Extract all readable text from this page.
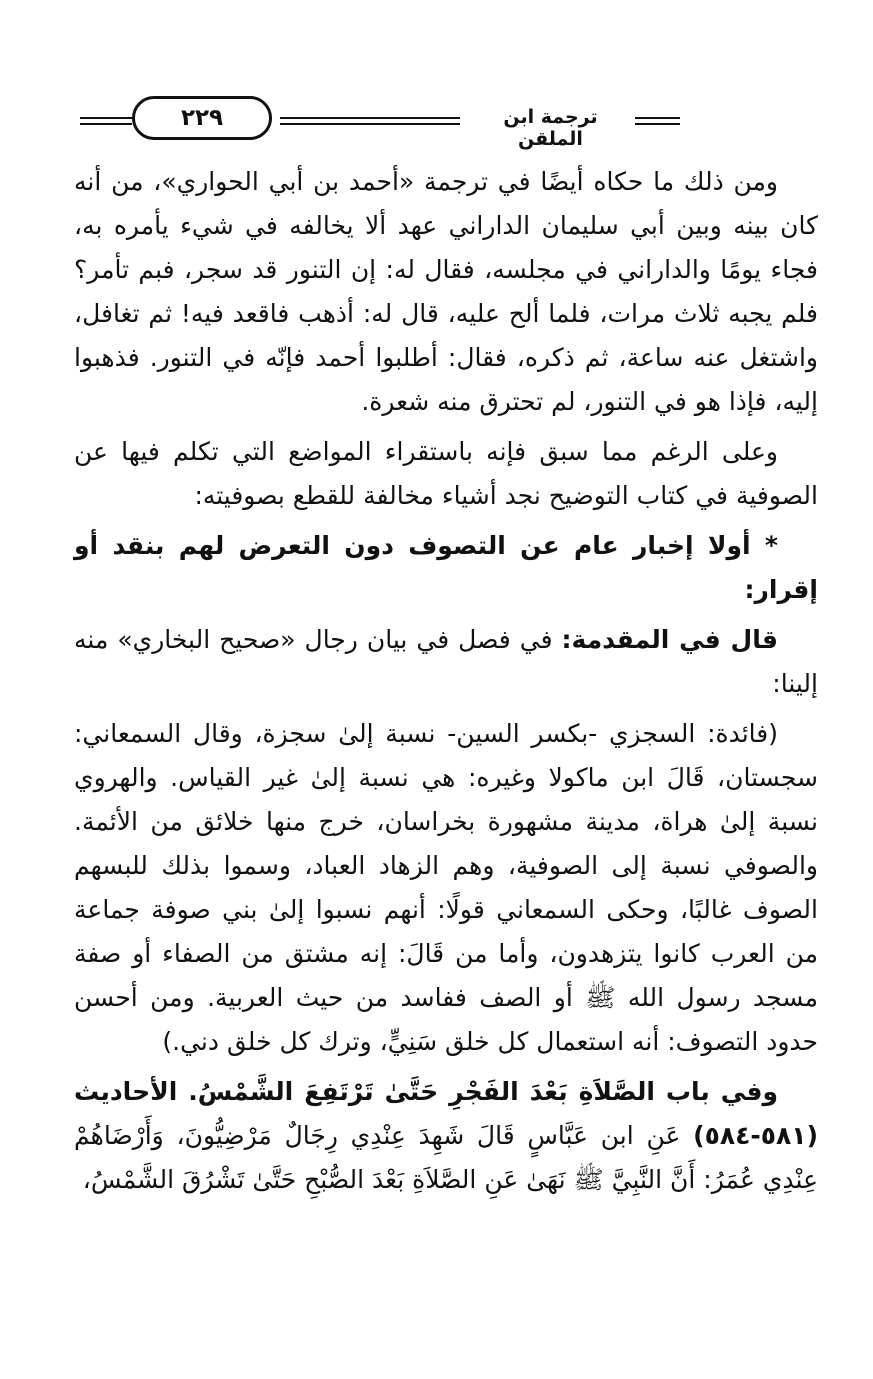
ترجمة ابن الملقن
٢٢٩

ومن ذلك ما حكاه أيضًا في ترجمة «أحمد بن أبي الحواري»، من أنه كان بينه وبين أبي سليمان الداراني عهد ألا يخالفه في شيء يأمره به، فجاء يومًا والداراني في مجلسه، فقال له: إن التنور قد سجر، فبم تأمر؟ فلم يجبه ثلاث مرات، فلما ألح عليه، قال له: أذهب فاقعد فيه! ثم تغافل، واشتغل عنه ساعة، ثم ذكره، فقال: أطلبوا أحمد فإنّه في التنور. فذهبوا إليه، فإذا هو في التنور، لم تحترق منه شعرة.

وعلى الرغم مما سبق فإنه باستقراء المواضع التي تكلم فيها عن الصوفية في كتاب التوضيح نجد أشياء مخالفة للقطع بصوفيته:

* أولا إخبار عام عن التصوف دون التعرض لهم بنقد أو إقرار:

قال في المقدمة: في فصل في بيان رجال «صحيح البخاري» منه إلينا:

(فائدة: السجزي -بكسر السين- نسبة إلىٰ سجزة، وقال السمعاني: سجستان، قَالَ ابن ماكولا وغيره: هي نسبة إلىٰ غير القياس. والهروي نسبة إلىٰ هراة، مدينة مشهورة بخراسان، خرج منها خلائق من الأئمة. والصوفي نسبة إلى الصوفية، وهم الزهاد العباد، وسموا بذلك للبسهم الصوف غالبًا، وحكى السمعاني قولًا: أنهم نسبوا إلىٰ بني صوفة جماعة من العرب كانوا يتزهدون، وأما من قَالَ: إنه مشتق من الصفاء أو صفة مسجد رسول الله ﷺ أو الصف ففاسد من حيث العربية. ومن أحسن حدود التصوف: أنه استعمال كل خلق سَنِيٍّ، وترك كل خلق دني.)

وفي باب الصَّلاَةِ بَعْدَ الفَجْرِ حَتَّىٰ تَرْتَفِعَ الشَّمْسُ. الأحاديث (٥٨١-٥٨٤) عَنِ ابن عَبَّاسٍ قَالَ شَهِدَ عِنْدِي رِجَالٌ مَرْضِيُّونَ، وَأَرْضَاهُمْ عِنْدِي عُمَرُ: أَنَّ النَّبِيَّ ﷺ نَهَىٰ عَنِ الصَّلاَةِ بَعْدَ الصُّبْحِ حَتَّىٰ تَشْرُقَ الشَّمْسُ،
